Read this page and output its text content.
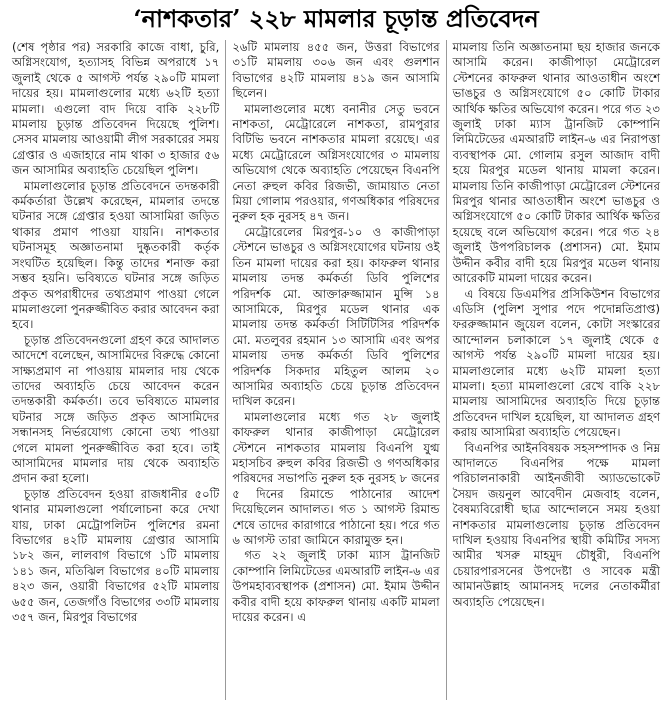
‘নাশকতার’ ২২৮ মামলার চূড়ান্ত প্রতিবেদন

(শেষ পৃষ্ঠার পর) সরকারি কাজে বাধা, চুরি, অগ্নিসংযোগ, হত্যাসহ বিভিন্ন অপরাধে ১৭ জুলাই থেকে ৫ আগস্ট পর্যন্ত ২৯০টি মামলা দায়ের হয়। মামলাগুলোর মধ্যে ৬২টি হত্যা মামলা। এগুলো বাদ দিয়ে বাকি ২২৮টি মামলায় চূড়ান্ত প্রতিবেদন দিয়েছে পুলিশ। সেসব মামলায় আওয়ামী লীগ সরকারের সময় গ্রেপ্তার ও এজাহারে নাম থাকা ৩ হাজার ৫৬ জন আসামির অব্যাহতি চেয়েছিল পুলিশ।

মামলাগুলোর চূড়ান্ত প্রতিবেদনে তদন্তকারী কর্মকর্তারা উল্লেখ করেছেন, মামলার তদন্তে ঘটনার সঙ্গে গ্রেপ্তার হওয়া আসামিরা জড়িত থাকার প্রমাণ পাওয়া যায়নি। নাশকতার ঘটনাসমূহ অজ্ঞাতনামা দুষ্কৃতকারী কর্তৃক সংঘটিত হয়েছিল। কিন্তু তাদের শনাক্ত করা সম্ভব হয়নি। ভবিষ্যতে ঘটনার সঙ্গে জড়িত প্রকৃত অপরাধীদের তথ্যপ্রমাণ পাওয়া গেলে মামলাগুলো পুনরুজ্জীবিত করার আবেদন করা হবে।

চূড়ান্ত প্রতিবেদনগুলো গ্রহণ করে আদালত আদেশে বলেছেন, আসামিদের বিরুদ্ধে কোনো সাক্ষ্যপ্রমাণ না পাওয়ায় মামলার দায় থেকে তাদের অব্যাহতি চেয়ে আবেদন করেন তদন্তকারী কর্মকর্তা। তবে ভবিষ্যতে মামলার ঘটনার সঙ্গে জড়িত প্রকৃত আসামিদের সন্ধানসহ নির্ভরযোগ্য কোনো তথ্য পাওয়া গেলে মামলা পুনরুজ্জীবিত করা হবে। তাই আসামিদের মামলার দায় থেকে অব্যাহতি প্রদান করা হলো।

চূড়ান্ত প্রতিবেদন হওয়া রাজধানীর ৫০টি থানার মামলাগুলো পর্যালোচনা করে দেখা যায়, ঢাকা মেট্রোপলিটন পুলিশের রমনা বিভাগের ৪২টি মামলায় গ্রেপ্তার আসামি ১৮২ জন, লালবাগ বিভাগে ১টি মামলায় ১৪১ জন, মতিঝিল বিভাগের ৪০টি মামলায় ৪২৩ জন, ওয়ারী বিভাগের ৫২টি মামলায় ৬৫৫ জন, তেজগাঁও বিভাগের ৩৩টি মামলায় ৩৫৭ জন, মিরপুর বিভাগের

২৬টি মামলায় ৪৫৫ জন, উত্তরা বিভাগের ৩১টি মামলায় ৩০৬ জন এবং গুলশান বিভাগের ৪২টি মামলায় ৪১৯ জন আসামি ছিলেন।

মামলাগুলোর মধ্যে বনানীর সেতু ভবনে নাশকতা, মেট্রোরেলে নাশকতা, রামপুরার বিটিভি ভবনে নাশকতার মামলা রয়েছে। এর মধ্যে মেট্রোরেলে অগ্নিসংযোগের ৩ মামলায় অভিযোগ থেকে অব্যাহতি পেয়েছেন বিএনপি নেতা রুহুল কবির রিজভী, জামায়াত নেতা মিয়া গোলাম পরওয়ার, গণঅধিকার পরিষদের নুরুল হক নুরসহ ৪৭ জন।

মেট্রোরেলের মিরপুর-১০ ও কাজীপাড়া স্টেশনে ভাঙচুর ও অগ্নিসংযোগের ঘটনায় ওই তিন মামলা দায়ের করা হয়। কাফরুল থানার মামলায় তদন্ত কর্মকর্তা ডিবি পুলিশের পরিদর্শক মো. আক্তারুজ্জামান মুন্সি ১৪ আসামিকে, মিরপুর মডেল থানার এক মামলায় তদন্ত কর্মকর্তা সিটিটিসির পরিদর্শক মো. মতলুবর রহমান ১৩ আসামি এবং অপর মামলায় তদন্ত কর্মকর্তা ডিবি পুলিশের পরিদর্শক সিকদার মহিতুল আলম ২০ আসামির অব্যাহতি চেয়ে চূড়ান্ত প্রতিবেদন দাখিল করেন।

মামলাগুলোর মধ্যে গত ২৮ জুলাই কাফরুল থানার কাজীপাড়া মেট্রোরেল স্টেশনে নাশকতার মামলায় বিএনপি যুগ্ম মহাসচিব রুহুল কবির রিজভী ও গণঅধিকার পরিষদের সভাপতি নুরুল হক নুরসহ ৮ জনের ৫ দিনের রিমান্ডে পাঠানোর আদেশ দিয়েছিলেন আদালত। গত ১ আগস্ট রিমান্ড শেষে তাদের কারাগারে পাঠানো হয়। পরে গত ৬ আগস্ট তারা জামিনে কারামুক্ত হন।

গত ২২ জুলাই ঢাকা ম্যাস ট্রানজিট কোম্পানি লিমিটেডের এমআরটি লাইন-৬ এর উপমহাব্যবস্থাপক (প্রশাসন) মো. ইমাম উদ্দীন কবীর বাদী হয়ে কাফরুল থানায় একটি মামলা দায়ের করেন। এ

মামলায় তিনি অজ্ঞাতনামা ছয় হাজার জনকে আসামি করেন। কাজীপাড়া মেট্রোরেল স্টেশনের কাফরুল থানার আওতাধীন অংশে ভাঙচুর ও অগ্নিসংযোগে ৫০ কোটি টাকার আর্থিক ক্ষতির অভিযোগ করেন। পরে গত ২৩ জুলাই ঢাকা ম্যাস ট্রানজিট কোম্পানি লিমিটেডের এমআরটি লাইন-৬ এর নিরাপত্তা ব্যবস্থাপক মো. গোলাম রসুল আজাদ বাদী হয়ে মিরপুর মডেল থানায় মামলা করেন। মামলায় তিনি কাজীপাড়া মেট্রোরেল স্টেশনের মিরপুর থানার আওতাধীন অংশে ভাঙচুর ও অগ্নিসংযোগে ৫০ কোটি টাকার আর্থিক ক্ষতির হয়েছে বলে অভিযোগ করেন। পরে গত ২৪ জুলাই উপপরিচালক (প্রশাসন) মো. ইমাম উদ্দীন কবীর বাদী হয়ে মিরপুর মডেল থানায় আরেকটি মামলা দায়ের করেন।

এ বিষয়ে ডিএমপির প্রসিকিউশন বিভাগের এডিসি (পুলিশ সুপার পদে পদোন্নতিপ্রাপ্ত) ফররুজ্জামান জুয়েল বলেন, কোটা সংস্কারের আন্দোলন চলাকালে ১৭ জুলাই থেকে ৫ আগস্ট পর্যন্ত ২৯০টি মামলা দায়ের হয়। মামলাগুলোর মধ্যে ৬২টি মামলা হত্যা মামলা। হত্যা মামলাগুলো রেখে বাকি ২২৮ মামলায় আসামিদের অব্যাহতি দিয়ে চূড়ান্ত প্রতিবেদন দাখিল হয়েছিল, যা আদালত গ্রহণ করায় আসামিরা অব্যাহতি পেয়েছেন।

বিএনপির আইনবিষয়ক সহসম্পাদক ও নিম্ন আদালতে বিএনপির পক্ষে মামলা পরিচালনাকারী আইনজীবী অ্যাডভোকেট সৈয়দ জয়নুল আবেদীন মেজবাহ বলেন, বৈষম্যবিরোধী ছাত্র আন্দোলনে সময় হওয়া নাশকতার মামলাগুলোয় চূড়ান্ত প্রতিবেদন দাখিল হওয়ায় বিএনপির স্থায়ী কমিটির সদস্য আমীর খসরু মাহমুদ চৌধুরী, বিএনপি চেয়ারপারসনের উপদেষ্টা ও সাবেক মন্ত্রী আমানউল্লাহ আমানসহ দলের নেতাকর্মীরা অব্যাহতি পেয়েছেন।
